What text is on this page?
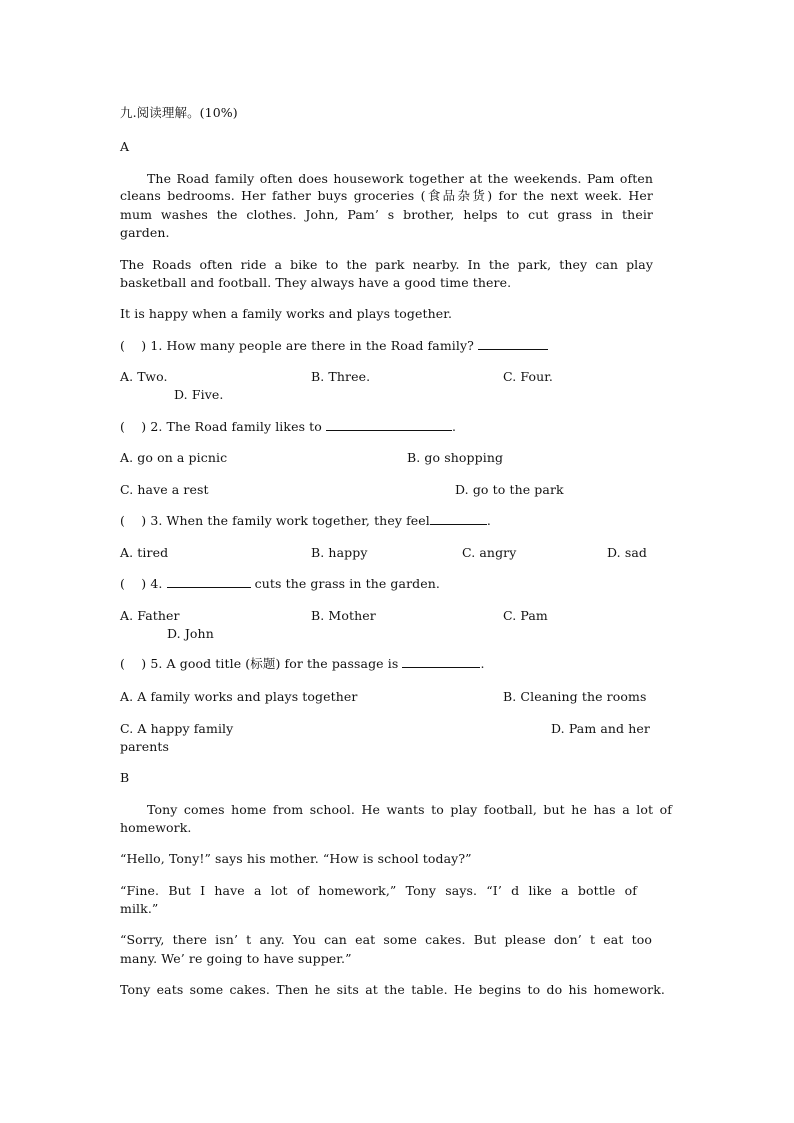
九.阅读理解。(10%)
A
The Road family often does housework together at the weekends. Pam often
cleans bedrooms. Her father buys groceries (食品杂货) for the next week. Her
mum washes the clothes. John, Pam’ s brother, helps to cut grass in their
garden.
The Roads often ride a bike to the park nearby. In the park, they can play
basketball and football. They always have a good time there.
It is happy when a family works and plays together.
(    ) 1. How many people are there in the Road family?
A. Two.	B. Three.	C. Four.
D. Five.
(    ) 2. The Road family likes to	.
A. go on a picnic	B. go shopping
C. have a rest	D. go to the park
(    ) 3. When the family work together, they feel	.
A. tired	B. happy	C. angry	D. sad
(    ) 4.	cuts the grass in the garden.
A. Father	B. Mother	C. Pam
D. John
(    ) 5. A good title (标题) for the passage is	.
A. A family works and plays together	B. Cleaning the rooms
C. A happy family	D. Pam and her
parents
B
Tony comes home from school. He wants to play football, but he has a lot of
homework.
“Hello, Tony!” says his mother. “How is school today?”
“Fine. But I have a lot of homework,” Tony says. “I’ d like a bottle of
milk.”
“Sorry, there isn’ t any. You can eat some cakes. But please don’ t eat too
many. We’ re going to have supper.”
Tony eats some cakes. Then he sits at the table. He begins to do his homework.
